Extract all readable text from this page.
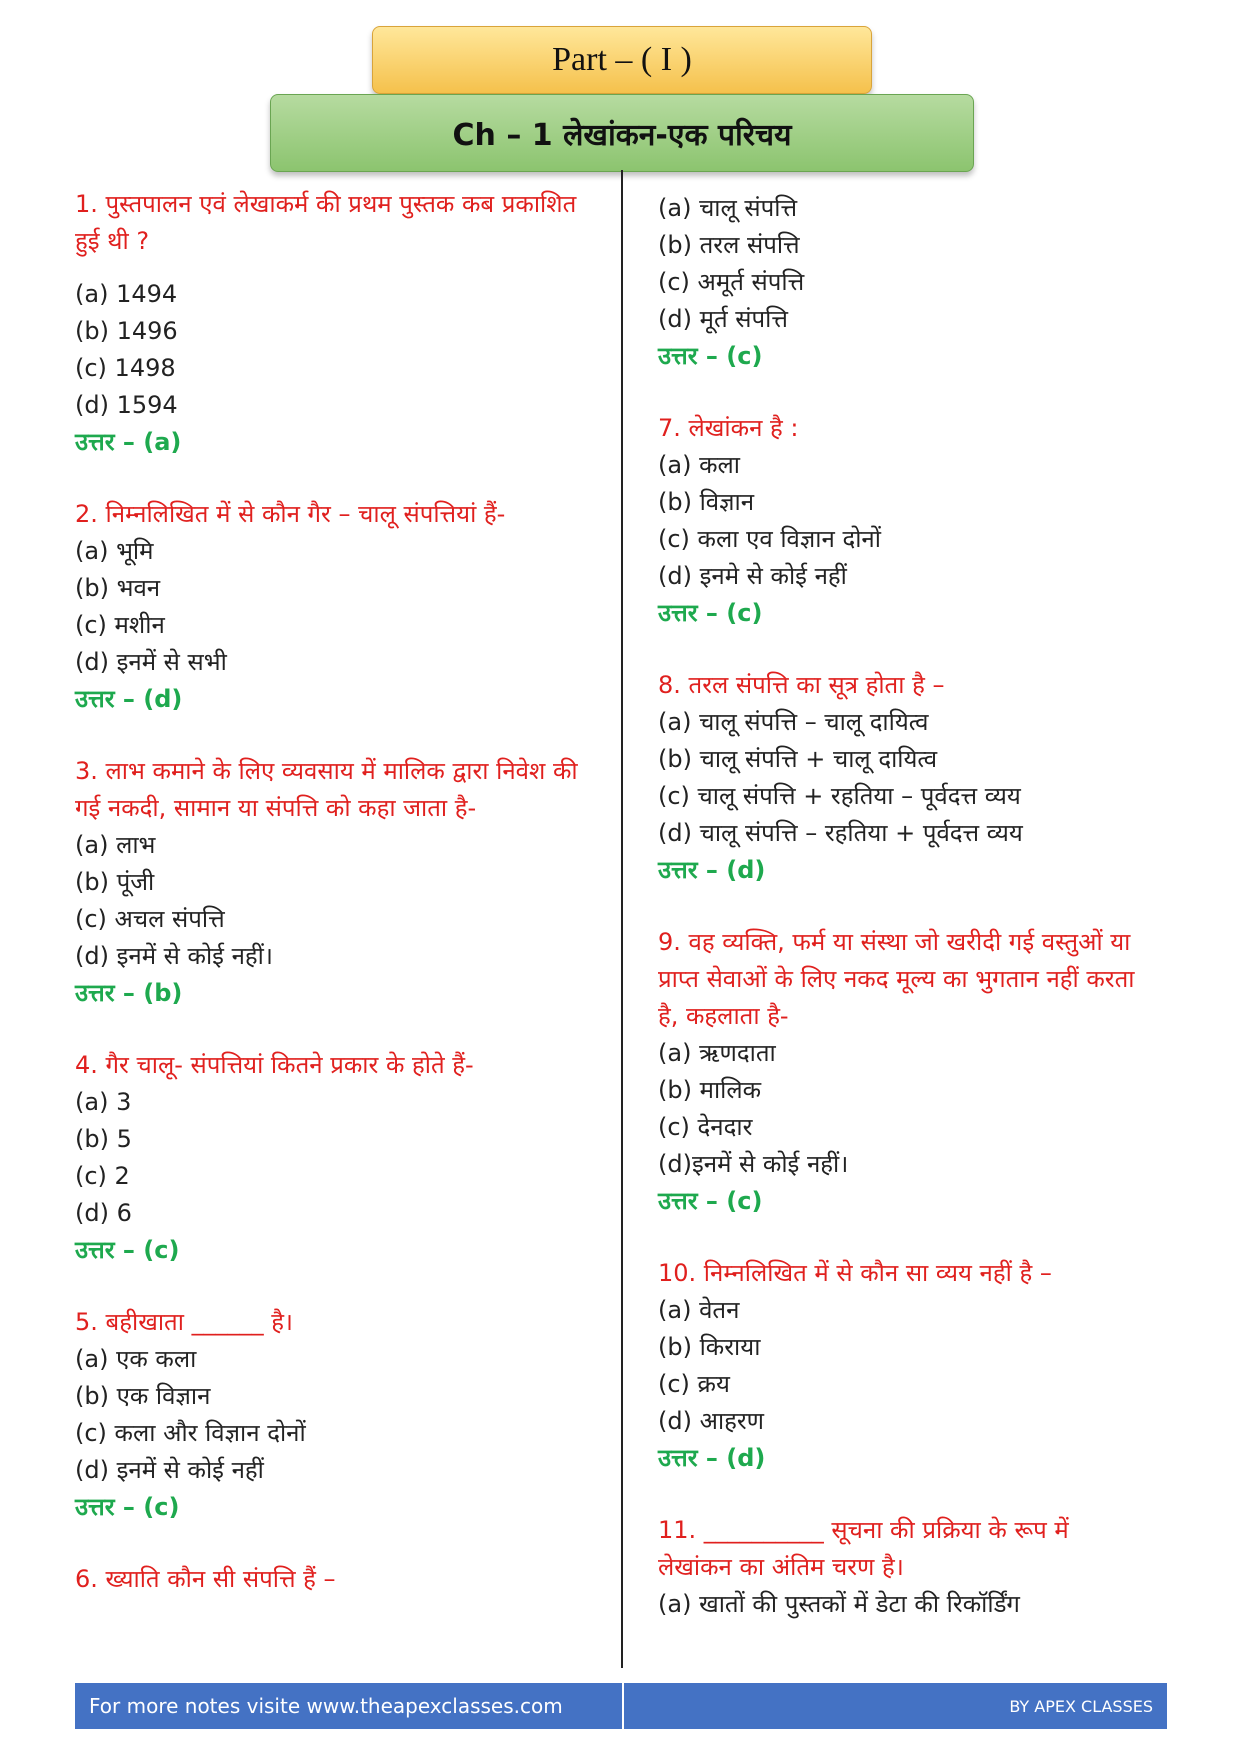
Part – ( I )
Ch – 1 लेखांकन-एक परिचय
1. पुस्तपालन एवं लेखाकर्म की प्रथम पुस्तक कब प्रकाशित हुई थी ?
(a) 1494
(b) 1496
(c) 1498
(d) 1594
उत्तर – (a)
2. निम्नलिखित में से कौन गैर – चालू संपत्तियां हैं-
(a) भूमि
(b) भवन
(c) मशीन
(d) इनमें से सभी
उत्तर – (d)
3. लाभ कमाने के लिए व्यवसाय में मालिक द्वारा निवेश की गई नकदी, सामान या संपत्ति को कहा जाता है-
(a) लाभ
(b) पूंजी
(c) अचल संपत्ति
(d) इनमें से कोई नहीं।
उत्तर – (b)
4. गैर चालू- संपत्तियां कितने प्रकार के होते हैं-
(a) 3
(b) 5
(c) 2
(d) 6
उत्तर – (c)
5. बहीखाता ______ है।
(a) एक कला
(b) एक विज्ञान
(c) कला और विज्ञान दोनों
(d) इनमें से कोई नहीं
उत्तर – (c)
6. ख्याति कौन सी संपत्ति हैं –
(a) चालू संपत्ति
(b) तरल संपत्ति
(c) अमूर्त संपत्ति
(d) मूर्त संपत्ति
उत्तर – (c)
7. लेखांकन है :
(a) कला
(b) विज्ञान
(c) कला एव विज्ञान दोनों
(d) इनमे से कोई नहीं
उत्तर – (c)
8. तरल संपत्ति का सूत्र होता है –
(a) चालू संपत्ति – चालू दायित्व
(b) चालू संपत्ति + चालू दायित्व
(c) चालू संपत्ति + रहतिया – पूर्वदत्त व्यय
(d) चालू संपत्ति – रहतिया + पूर्वदत्त व्यय
उत्तर – (d)
9. वह व्यक्ति, फर्म या संस्था जो खरीदी गई वस्तुओं या प्राप्त सेवाओं के लिए नकद मूल्य का भुगतान नहीं करता है, कहलाता है-
(a) ऋणदाता
(b) मालिक
(c) देनदार
(d)इनमें से कोई नहीं।
उत्तर – (c)
10. निम्नलिखित में से कौन सा व्यय नहीं है –
(a) वेतन
(b) किराया
(c) क्रय
(d) आहरण
उत्तर – (d)
11. __________ सूचना की प्रक्रिया के रूप में लेखांकन का अंतिम चरण है।
(a) खातों की पुस्तकों में डेटा की रिकॉर्डिंग
For more notes visite www.theapexclasses.com	BY APEX CLASSES
